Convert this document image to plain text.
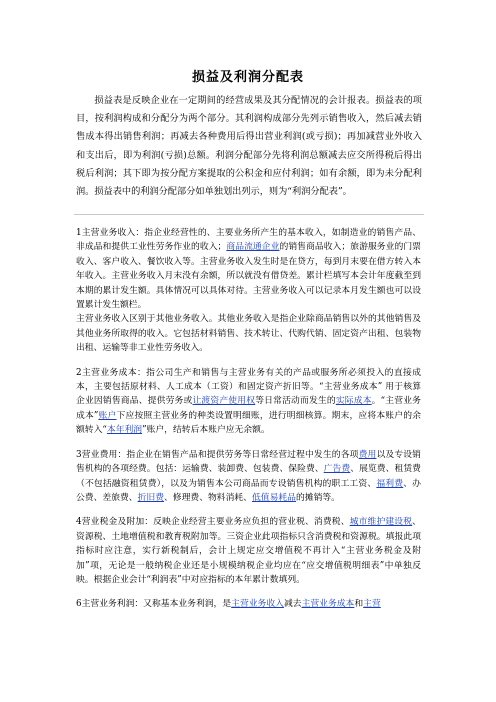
损益及利润分配表

损益表是反映企业在一定期间的经营成果及其分配情况的会计报表。损益表的项目，按利润构成和分配分为两个部分。其利润构成部分先列示销售收入，然后减去销售成本得出销售利润；再减去各种费用后得出营业利润(或亏损)；再加减营业外收入和支出后，即为利润(亏损)总额。利润分配部分先将利润总额减去应交所得税后得出税后利润；其下即为按分配方案提取的公积金和应付利润；如有余额，即为未分配利润。损益表中的利润分配部分如单独划出列示，则为“利润分配表”。

1主营业务收入：指企业经营性的、主要业务所产生的基本收入，如制造业的销售产品、非成品和提供工业性劳务作业的收入；商品流通企业的销售商品收入；旅游服务业的门票收入、客户收入、餐饮收入等。主营业务收入发生时是在贷方，每到月末要在借方转入本年收入。主营业务收入月末没有余额，所以就没有借贷差。累计栏填写本会计年度截至到本期的累计发生额。具体情况可以具体对待。主营业务收入可以记录本月发生额也可以设置累计发生额栏。

主营业务收入区别于其他业务收入。其他业务收入是指企业除商品销售以外的其他销售及其他业务所取得的收入。它包括材料销售、技术转让、代购代销、固定资产出租、包装物出租、运输等非工业性劳务收入。

2主营业务成本：指公司生产和销售与主营业务有关的产品或服务所必须投入的直接成本，主要包括原材料、人工成本（工资）和固定资产折旧等。“主营业务成本” 用于核算企业因销售商品、提供劳务或让渡资产使用权等日常活动而发生的实际成本。“主营业务成本”账户下应按照主营业务的种类设置明细账，进行明细核算。期末，应将本账户的余额转入“本年利润”账户，结转后本账户应无余额。

3营业费用：指企业在销售产品和提供劳务等日常经营过程中发生的各项费用以及专设销售机构的各项经费。包括：运输费、装卸费、包装费、保险费、广告费、展览费、租赁费（不包括融资租赁费），以及为销售本公司商品而专设销售机构的职工工资、福利费、办公费、差旅费、折旧费、修理费、物料消耗、低值易耗品的摊销等。

4营业税金及附加：反映企业经营主要业务应负担的营业税、消费税、城市维护建设税、资源税、土地增值税和教育税附加等。三资企业此项指标只含消费税和资源税。填报此项指标时应注意，实行新税制后，会计上规定应交增值税不再计入“主营业务税金及附加”项，无论是一般纳税企业还是小规模纳税企业均应在“应交增值税明细表”中单独反映。根据企业会计“利润表”中对应指标的本年累计数填列。

6主营业务利润：又称基本业务利润，是主营业务收入减去主营业务成本和主营
